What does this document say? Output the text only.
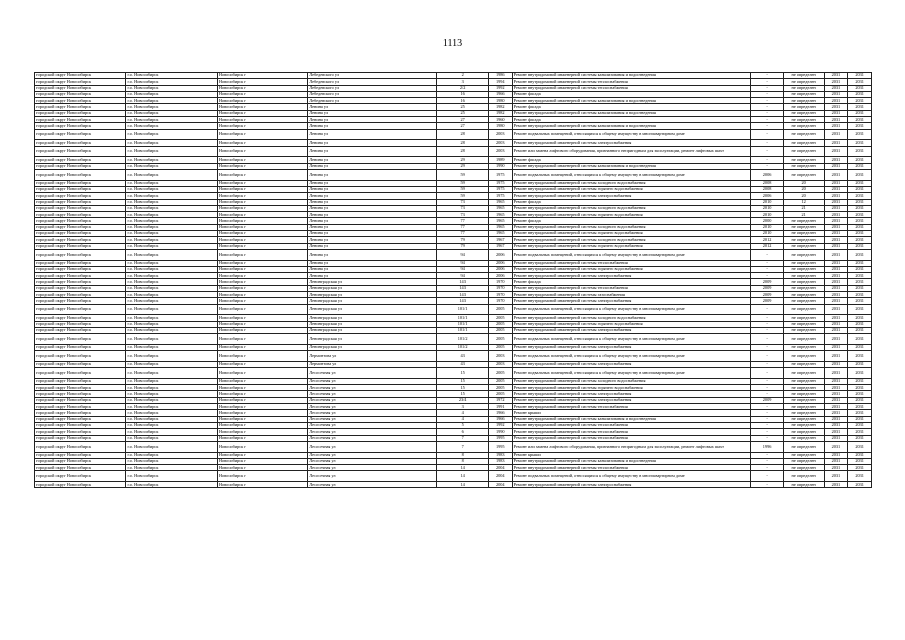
1113
городской округ Новосибирск	г.о. Новосибирск	Новосибирск г	Лебедевского ул	2	1986	Ремонт внутридомовой инженерной системы канализования и водоотведения	-	не определен	2031	2031
городской округ Новосибирск	г.о. Новосибирск	Новосибирск г	Лебедевского ул	3	1994	Ремонт внутридомовой инженерной системы теплоснабжения	-	не определен	2031	2031
городской округ Новосибирск	г.о. Новосибирск	Новосибирск г	Лебедевского ул	2/2	1992	Ремонт внутридомовой инженерной системы теплоснабжения	-	не определен	2031	2031
городской округ Новосибирск	г.о. Новосибирск	Новосибирск г	Лебедевского ул	16	1966	Ремонт фасада	-	не определен	2031	2031
городской округ Новосибирск	г.о. Новосибирск	Новосибирск г	Лебедевского ул	16	1980	Ремонт внутридомовой инженерной системы канализования и водоотведения	-	не определен	2031	2031
городской округ Новосибирск	г.о. Новосибирск	Новосибирск г	Ленина ул	25	1982	Ремонт фасада	-	не определен	2031	2031
городской округ Новосибирск	г.о. Новосибирск	Новосибирск г	Ленина ул	25	1982	Ремонт внутридомовой инженерной системы канализования и водоотведения	-	не определен	2031	2031
городской округ Новосибирск	г.о. Новосибирск	Новосибирск г	Ленина ул	27	1960	Ремонт фасада	-	не определен	2031	2031
городской округ Новосибирск	г.о. Новосибирск	Новосибирск г	Ленина ул	27	1980	Ремонт внутридомовой инженерной системы канализования и водоотведения	-	не определен	2031	2031
городской округ Новосибирск	г.о. Новосибирск	Новосибирск г	Ленина ул	28	2003	Ремонт подвальных помещений, относящихся к общему имуществу в многоквартирном доме	-	не определен	2031	2031
городской округ Новосибирск	г.о. Новосибирск	Новосибирск г	Ленина ул	28	2003	Ремонт внутридомовой инженерной системы электроснабжения	-	не определен	2031	2031
городской округ Новосибирск	г.о. Новосибирск	Новосибирск г	Ленина ул	28	2003	Ремонт или замена лифтового оборудования, признанного непригодным для эксплуатации, ремонт лифтовых шахт	-	не определен	2031	2031
городской округ Новосибирск	г.о. Новосибирск	Новосибирск г	Ленина ул	29	1989	Ремонт фасада	-	не определен	2031	2031
городской округ Новосибирск	г.о. Новосибирск	Новосибирск г	Ленина ул	29	1990	Ремонт внутридомовой инженерной системы канализования и водоотведения	-	не определен	2031	2031
городской округ Новосибирск	г.о. Новосибирск	Новосибирск г	Ленина ул	59	1975	Ремонт подвальных помещений, относящихся к общему имуществу в многоквартирном доме	2006	не определен	2031	2031
городской округ Новосибирск	г.о. Новосибирск	Новосибирск г	Ленина ул	59	1975	Ремонт внутридомовой инженерной системы холодного водоснабжения	2008	20	2031	2031
городской округ Новосибирск	г.о. Новосибирск	Новосибирск г	Ленина ул	59	1975	Ремонт внутридомовой инженерной системы горячего водоснабжения	2008	20	2031	2031
городской округ Новосибирск	г.о. Новосибирск	Новосибирск г	Ленина ул	59	1975	Ремонт внутридомовой инженерной системы электроснабжения	2006	20	2031	2031
городской округ Новосибирск	г.о. Новосибирск	Новосибирск г	Ленина ул	73	1965	Ремонт фасада	2010	12	2031	2031
городской округ Новосибирск	г.о. Новосибирск	Новосибирск г	Ленина ул	73	1965	Ремонт внутридомовой инженерной системы холодного водоснабжения	2010	21	2031	2031
городской округ Новосибирск	г.о. Новосибирск	Новосибирск г	Ленина ул	73	1965	Ремонт внутридомовой инженерной системы горячего водоснабжения	2010	21	2031	2031
городской округ Новосибирск	г.о. Новосибирск	Новосибирск г	Ленина ул	77	1965	Ремонт фасада	2000	не определен	2031	2031
городской округ Новосибирск	г.о. Новосибирск	Новосибирск г	Ленина ул	77	1965	Ремонт внутридомовой инженерной системы холодного водоснабжения	2010	не определен	2031	2031
городской округ Новосибирск	г.о. Новосибирск	Новосибирск г	Ленина ул	77	1965	Ремонт внутридомовой инженерной системы горячего водоснабжения	2010	не определен	2031	2031
городской округ Новосибирск	г.о. Новосибирск	Новосибирск г	Ленина ул	79	1967	Ремонт внутридомовой инженерной системы холодного водоснабжения	2012	не определен	2031	2031
городской округ Новосибирск	г.о. Новосибирск	Новосибирск г	Ленина ул	79	1967	Ремонт внутридомовой инженерной системы горячего водоснабжения	2012	не определен	2031	2031
городской округ Новосибирск	г.о. Новосибирск	Новосибирск г	Ленина ул	94	2006	Ремонт подвальных помещений, относящихся к общему имуществу в многоквартирном доме	-	не определен	2031	2031
городской округ Новосибирск	г.о. Новосибирск	Новосибирск г	Ленина ул	94	2006	Ремонт внутридомовой инженерной системы теплоснабжения	-	не определен	2031	2031
городской округ Новосибирск	г.о. Новосибирск	Новосибирск г	Ленина ул	94	2006	Ремонт внутридомовой инженерной системы горячего водоснабжения	-	не определен	2031	2031
городской округ Новосибирск	г.о. Новосибирск	Новосибирск г	Ленина ул	94	2006	Ремонт внутридомовой инженерной системы электроснабжения	-	не определен	2031	2031
городской округ Новосибирск	г.о. Новосибирск	Новосибирск г	Ленинградская ул	143	1970	Ремонт фасада	2009	не определен	2031	2031
городской округ Новосибирск	г.о. Новосибирск	Новосибирск г	Ленинградская ул	143	1970	Ремонт внутридомовой инженерной системы теплоснабжения	2009	не определен	2031	2031
городской округ Новосибирск	г.о. Новосибирск	Новосибирск г	Ленинградская ул	143	1970	Ремонт внутридомовой инженерной системы газоснабжения	2009	не определен	2031	2031
городской округ Новосибирск	г.о. Новосибирск	Новосибирск г	Ленинградская ул	143	1970	Ремонт внутридомовой инженерной системы электроснабжения	2009	не определен	2031	2031
городской округ Новосибирск	г.о. Новосибирск	Новосибирск г	Ленинградская ул	101/1	2005	Ремонт подвальных помещений, относящихся к общему имуществу в многоквартирном доме	-	не определен	2031	2031
городской округ Новосибирск	г.о. Новосибирск	Новосибирск г	Ленинградская ул	101/1	2005	Ремонт внутридомовой инженерной системы холодного водоснабжения	-	не определен	2031	2031
городской округ Новосибирск	г.о. Новосибирск	Новосибирск г	Ленинградская ул	101/1	2005	Ремонт внутридомовой инженерной системы горячего водоснабжения	-	не определен	2031	2031
городской округ Новосибирск	г.о. Новосибирск	Новосибирск г	Ленинградская ул	101/1	2005	Ремонт внутридомовой инженерной системы электроснабжения	-	не определен	2031	2031
городской округ Новосибирск	г.о. Новосибирск	Новосибирск г	Ленинградская ул	101/2	2005	Ремонт подвальных помещений, относящихся к общему имуществу в многоквартирном доме	-	не определен	2031	2031
городской округ Новосибирск	г.о. Новосибирск	Новосибирск г	Ленинградская ул	101/2	2005	Ремонт внутридомовой инженерной системы электроснабжения	-	не определен	2031	2031
городской округ Новосибирск	г.о. Новосибирск	Новосибирск г	Лермонтова ул	43	2003	Ремонт подвальных помещений, относящихся к общему имуществу в многоквартирном доме	-	не определен	2031	2031
городской округ Новосибирск	г.о. Новосибирск	Новосибирск г	Лермонтова ул	43	2003	Ремонт внутридомовой инженерной системы электроснабжения	-	не определен	2031	2031
городской округ Новосибирск	г.о. Новосибирск	Новосибирск г	Лесосечная ул	15	2005	Ремонт подвальных помещений, относящихся к общему имуществу в многоквартирном доме	-	не определен	2031	2031
городской округ Новосибирск	г.о. Новосибирск	Новосибирск г	Лесосечная ул	15	2005	Ремонт внутридомовой инженерной системы холодного водоснабжения	-	не определен	2031	2031
городской округ Новосибирск	г.о. Новосибирск	Новосибирск г	Лесосечная ул	15	2005	Ремонт внутридомовой инженерной системы горячего водоснабжения	-	не определен	2031	2031
городской округ Новосибирск	г.о. Новосибирск	Новосибирск г	Лесосечная ул	15	2005	Ремонт внутридомовой инженерной системы электроснабжения	-	не определен	2031	2031
городской округ Новосибирск	г.о. Новосибирск	Новосибирск г	Лесосечная ул	23/4	1972	Ремонт внутридомовой инженерной системы электроснабжения	2009	не определен	2031	2031
городской округ Новосибирск	г.о. Новосибирск	Новосибирск г	Лесосечная ул	3	1991	Ремонт внутридомовой инженерной системы теплоснабжения	-	не определен	2031	2031
городской округ Новосибирск	г.о. Новосибирск	Новосибирск г	Лесосечная ул	4	1966	Ремонт крыши	-	не определен	2031	2031
городской округ Новосибирск	г.о. Новосибирск	Новосибирск г	Лесосечная ул	4	1966	Ремонт внутридомовой инженерной системы канализования и водоотведения	-	не определен	2031	2031
городской округ Новосибирск	г.о. Новосибирск	Новосибирск г	Лесосечная ул	5	1992	Ремонт внутридомовой инженерной системы теплоснабжения	-	не определен	2031	2031
городской округ Новосибирск	г.о. Новосибирск	Новосибирск г	Лесосечная ул	6	1990	Ремонт внутридомовой инженерной системы теплоснабжения	-	не определен	2031	2031
городской округ Новосибирск	г.о. Новосибирск	Новосибирск г	Лесосечная ул	7	1995	Ремонт внутридомовой инженерной системы теплоснабжения	-	не определен	2031	2031
городской округ Новосибирск	г.о. Новосибирск	Новосибирск г	Лесосечная ул	7	1995	Ремонт или замена лифтового оборудования, признанного непригодным для эксплуатации, ремонт лифтовых шахт	1996	не определен	2031	2031
городской округ Новосибирск	г.о. Новосибирск	Новосибирск г	Лесосечная ул	8	1983	Ремонт крыши	-	не определен	2031	2031
городской округ Новосибирск	г.о. Новосибирск	Новосибирск г	Лесосечная ул	8	1983	Ремонт внутридомовой инженерной системы канализования и водоотведения	-	не определен	2031	2031
городской округ Новосибирск	г.о. Новосибирск	Новосибирск г	Лесосечная ул	14	2004	Ремонт внутридомовой инженерной системы теплоснабжения	-	не определен	2031	2031
городской округ Новосибирск	г.о. Новосибирск	Новосибирск г	Лесосечная ул	14	2004	Ремонт подвальных помещений, относящихся к общему имуществу в многоквартирном доме	-	не определен	2031	2031
городской округ Новосибирск	г.о. Новосибирск	Новосибирск г	Лесосечная ул	14	2004	Ремонт внутридомовой инженерной системы электроснабжения	-	не определен	2031	2031
